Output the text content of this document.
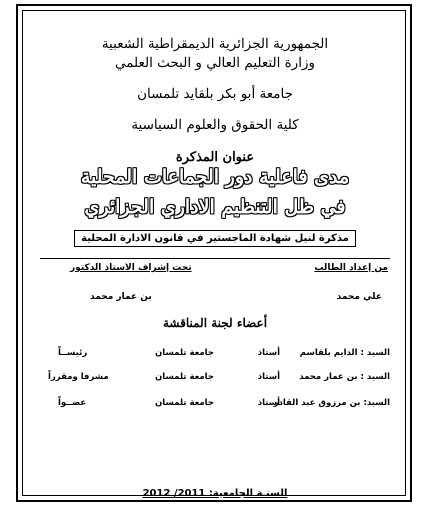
الجمهورية الجزائرية الديمقراطية الشعبية
وزارة التعليم العالي و البحث العلمي
جامعة أبو بكر بلقايد تلمسان
كلية الحقوق والعلوم السياسية
عنوان المذكرة
مدى فاعلية دور الجماعات المحلية
في ظل التنظيم الاداري الجزائري
مذكرة لنيل شهادة الماجستير في قانون الادارة المحلية
من إعداد الطالب
تحت إشراف الاستاذ الدكتور
علي محمد
بن عمار محمد
أعضاء لجنة المناقشة
السيد : الدايم بلقاسم
أستاذ
جامعة تلمسان
رئيســاً
السيد : بن عمار محمد
أستاذ
جامعة تلمسان
مشرفا ومقرراً
السيد: بن مرزوق عبد القادر
أستاذ
جامعة تلمسان
عضــواً
السنـة الجامعية: 2011/ 2012
